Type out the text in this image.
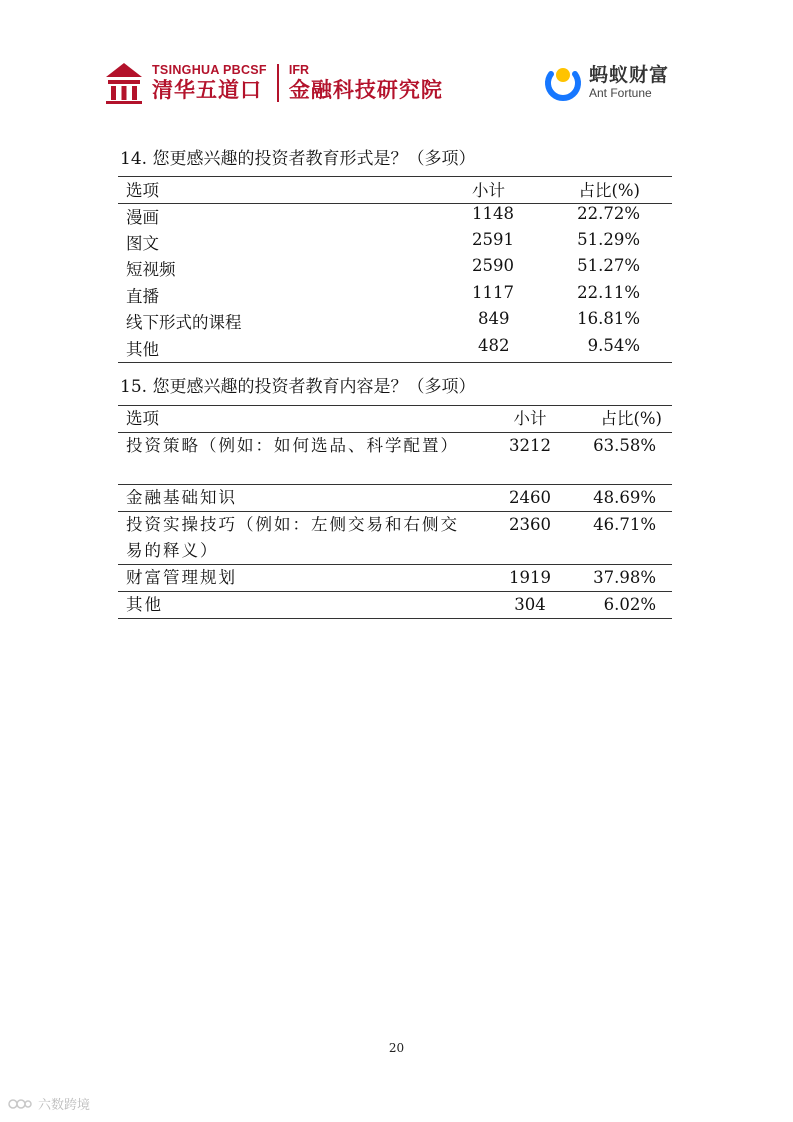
TSINGHUA PBCSF
清华五道口
IFR
金融科技研究院
蚂蚁财富
Ant Fortune
14. 您更感兴趣的投资者教育形式是？（多项）
选项	小计	占比(%)
漫画	1148	22.72%
图文	2591	51.29%
短视频	2590	51.27%
直播	1117	22.11%
线下形式的课程	849	16.81%
其他	482	9.54%
15. 您更感兴趣的投资者教育内容是？（多项）
选项	小计	占比(%)
投资策略（例如：如何选品、科学配置）	3212	63.58%
金融基础知识	2460	48.69%
投资实操技巧（例如：左侧交易和右侧交易的释义）	2360	46.71%
财富管理规划	1919	37.98%
其他	304	6.02%
20
六数跨境
